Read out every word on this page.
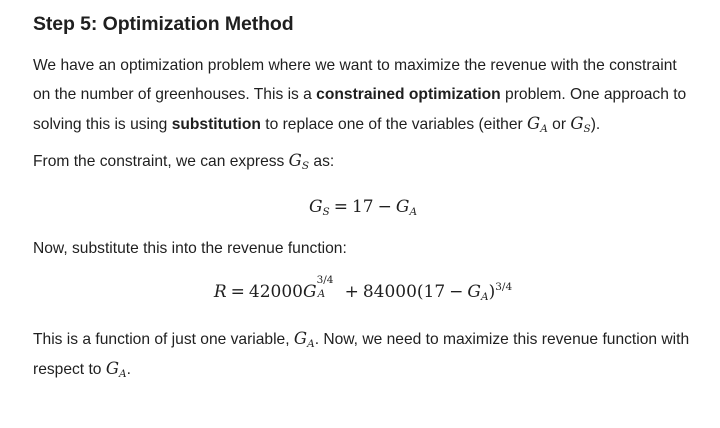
Step 5: Optimization Method

We have an optimization problem where we want to maximize the revenue with the constraint on the number of greenhouses. This is a constrained optimization problem. One approach to solving this is using substitution to replace one of the variables (either $G_A$ or $G_S$).

From the constraint, we can express $G_S$ as:

$G_S = 17 - G_A$

Now, substitute this into the revenue function:

R = 42000G
3/4
$A + 84000(17 - G_A)^{3/4}$

This is a function of just one variable, $G_A$. Now, we need to maximize this revenue function with respect to $G_A$.
